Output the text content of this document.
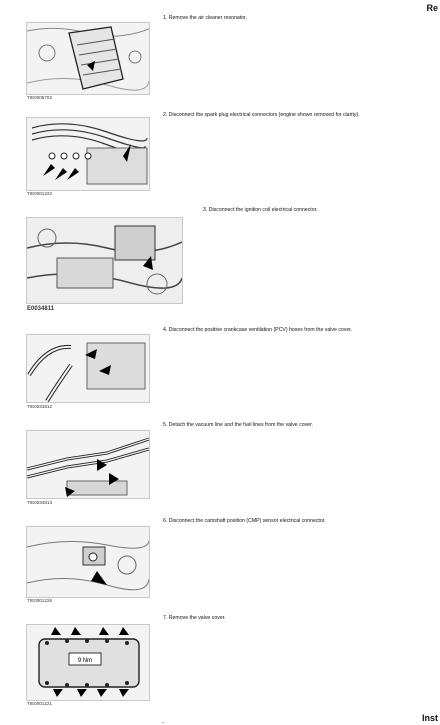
Re
TIE0005702
1. Remove the air cleaner resonator.
TIE0001222
2. Disconnect the spark plug electrical connectors (engine shown removed for clarity).
E0034811
3. Disconnect the ignition coil electrical connector.
TIE0034812
4. Disconnect the positive crankcase ventilation (PCV) hoses from the valve cover.
TIE0034813
5. Detach the vacuum line and the fuel lines from the valve cover.
TIE0001226
6. Disconnect the camshaft position (CMP) sensor electrical connector.
9 Nm
TIE0001221
7. Remove the valve cover.
.	Inst
